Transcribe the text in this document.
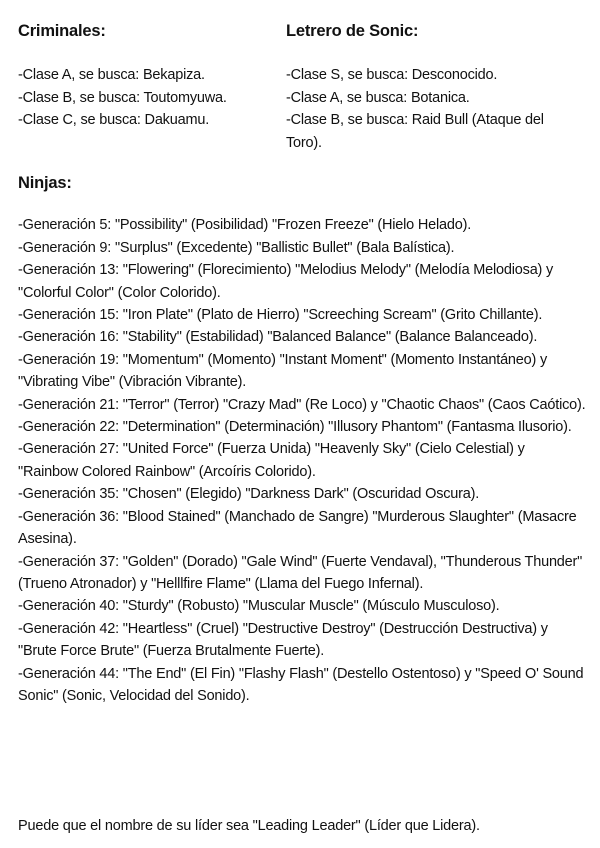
Criminales:
-Clase A, se busca: Bekapiza.
-Clase B, se busca: Toutomyuwa.
-Clase C, se busca: Dakuamu.
Letrero de Sonic:
-Clase S, se busca: Desconocido.
-Clase A, se busca: Botanica.
-Clase B, se busca: Raid Bull (Ataque del Toro).
Ninjas:

-Generación 5: "Possibility" (Posibilidad) "Frozen Freeze" (Hielo Helado).

-Generación 9: "Surplus" (Excedente) "Ballistic Bullet" (Bala Balística).

-Generación 13: "Flowering" (Florecimiento) "Melodius Melody" (Melodía Melodiosa) y "Colorful Color" (Color Colorido).

-Generación 15: "Iron Plate" (Plato de Hierro) "Screeching Scream" (Grito Chillante).

-Generación 16: "Stability" (Estabilidad) "Balanced Balance" (Balance Balanceado).

-Generación 19: "Momentum" (Momento) "Instant Moment" (Momento Instantáneo) y "Vibrating Vibe" (Vibración Vibrante).

-Generación 21: "Terror" (Terror) "Crazy Mad" (Re Loco) y "Chaotic Chaos" (Caos Caótico).

-Generación 22: "Determination" (Determinación) "Illusory Phantom" (Fantasma Ilusorio).

-Generación 27: "United Force" (Fuerza Unida) "Heavenly Sky" (Cielo Celestial) y "Rainbow Colored Rainbow" (Arcoíris Colorido).

-Generación 35: "Chosen" (Elegido) "Darkness Dark" (Oscuridad Oscura).

-Generación 36: "Blood Stained" (Manchado de Sangre) "Murderous Slaughter" (Masacre Asesina).

-Generación 37: "Golden" (Dorado) "Gale Wind" (Fuerte Vendaval), "Thunderous Thunder" (Trueno Atronador) y "Helllfire Flame" (Llama del Fuego Infernal).

-Generación 40: "Sturdy" (Robusto) "Muscular Muscle" (Músculo Musculoso).

-Generación 42: "Heartless" (Cruel) "Destructive Destroy" (Destrucción Destructiva) y "Brute Force Brute" (Fuerza Brutalmente Fuerte).

-Generación 44: "The End" (El Fin) "Flashy Flash" (Destello Ostentoso) y "Speed O' Sound Sonic" (Sonic, Velocidad del Sonido).

Puede que el nombre de su líder sea "Leading Leader" (Líder que Lidera).
